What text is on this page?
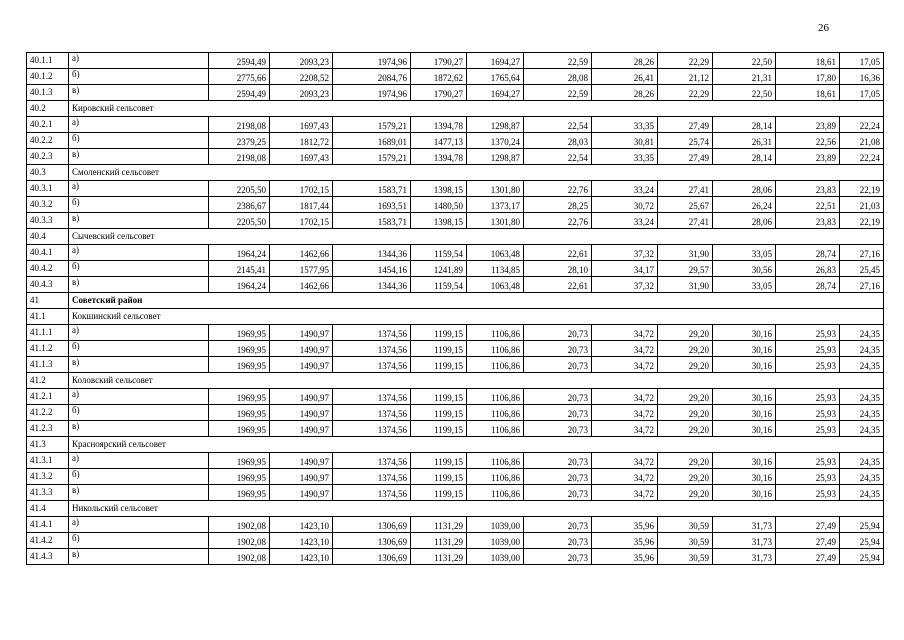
26
40.1.1	а)	2594,49	2093,23	1974,96	1790,27	1694,27	22,59	28,26	22,29	22,50	18,61	17,05
40.1.2	б)	2775,66	2208,52	2084,76	1872,62	1765,64	28,08	26,41	21,12	21,31	17,80	16,36
40.1.3	в)	2594,49	2093,23	1974,96	1790,27	1694,27	22,59	28,26	22,29	22,50	18,61	17,05
40.2	Кировский сельсовет											
40.2.1	а)	2198,08	1697,43	1579,21	1394,78	1298,87	22,54	33,35	27,49	28,14	23,89	22,24
40.2.2	б)	2379,25	1812,72	1689,01	1477,13	1370,24	28,03	30,81	25,74	26,31	22,56	21,08
40.2.3	в)	2198,08	1697,43	1579,21	1394,78	1298,87	22,54	33,35	27,49	28,14	23,89	22,24
40.3	Смоленский сельсовет											
40.3.1	а)	2205,50	1702,15	1583,71	1398,15	1301,80	22,76	33,24	27,41	28,06	23,83	22,19
40.3.2	б)	2386,67	1817,44	1693,51	1480,50	1373,17	28,25	30,72	25,67	26,24	22,51	21,03
40.3.3	в)	2205,50	1702,15	1583,71	1398,15	1301,80	22,76	33,24	27,41	28,06	23,83	22,19
40.4	Сычевский сельсовет											
40.4.1	а)	1964,24	1462,66	1344,36	1159,54	1063,48	22,61	37,32	31,90	33,05	28,74	27,16
40.4.2	б)	2145,41	1577,95	1454,16	1241,89	1134,85	28,10	34,17	29,57	30,56	26,83	25,45
40.4.3	в)	1964,24	1462,66	1344,36	1159,54	1063,48	22,61	37,32	31,90	33,05	28,74	27,16
41	Советский район											
41.1	Кокшинский сельсовет											
41.1.1	а)	1969,95	1490,97	1374,56	1199,15	1106,86	20,73	34,72	29,20	30,16	25,93	24,35
41.1.2	б)	1969,95	1490,97	1374,56	1199,15	1106,86	20,73	34,72	29,20	30,16	25,93	24,35
41.1.3	в)	1969,95	1490,97	1374,56	1199,15	1106,86	20,73	34,72	29,20	30,16	25,93	24,35
41.2	Коловский сельсовет											
41.2.1	а)	1969,95	1490,97	1374,56	1199,15	1106,86	20,73	34,72	29,20	30,16	25,93	24,35
41.2.2	б)	1969,95	1490,97	1374,56	1199,15	1106,86	20,73	34,72	29,20	30,16	25,93	24,35
41.2.3	в)	1969,95	1490,97	1374,56	1199,15	1106,86	20,73	34,72	29,20	30,16	25,93	24,35
41.3	Красноярский сельсовет											
41.3.1	а)	1969,95	1490,97	1374,56	1199,15	1106,86	20,73	34,72	29,20	30,16	25,93	24,35
41.3.2	б)	1969,95	1490,97	1374,56	1199,15	1106,86	20,73	34,72	29,20	30,16	25,93	24,35
41.3.3	в)	1969,95	1490,97	1374,56	1199,15	1106,86	20,73	34,72	29,20	30,16	25,93	24,35
41.4	Никольский сельсовет											
41.4.1	а)	1902,08	1423,10	1306,69	1131,29	1039,00	20,73	35,96	30,59	31,73	27,49	25,94
41.4.2	б)	1902,08	1423,10	1306,69	1131,29	1039,00	20,73	35,96	30,59	31,73	27,49	25,94
41.4.3	в)	1902,08	1423,10	1306,69	1131,29	1039,00	20,73	35,96	30,59	31,73	27,49	25,94
